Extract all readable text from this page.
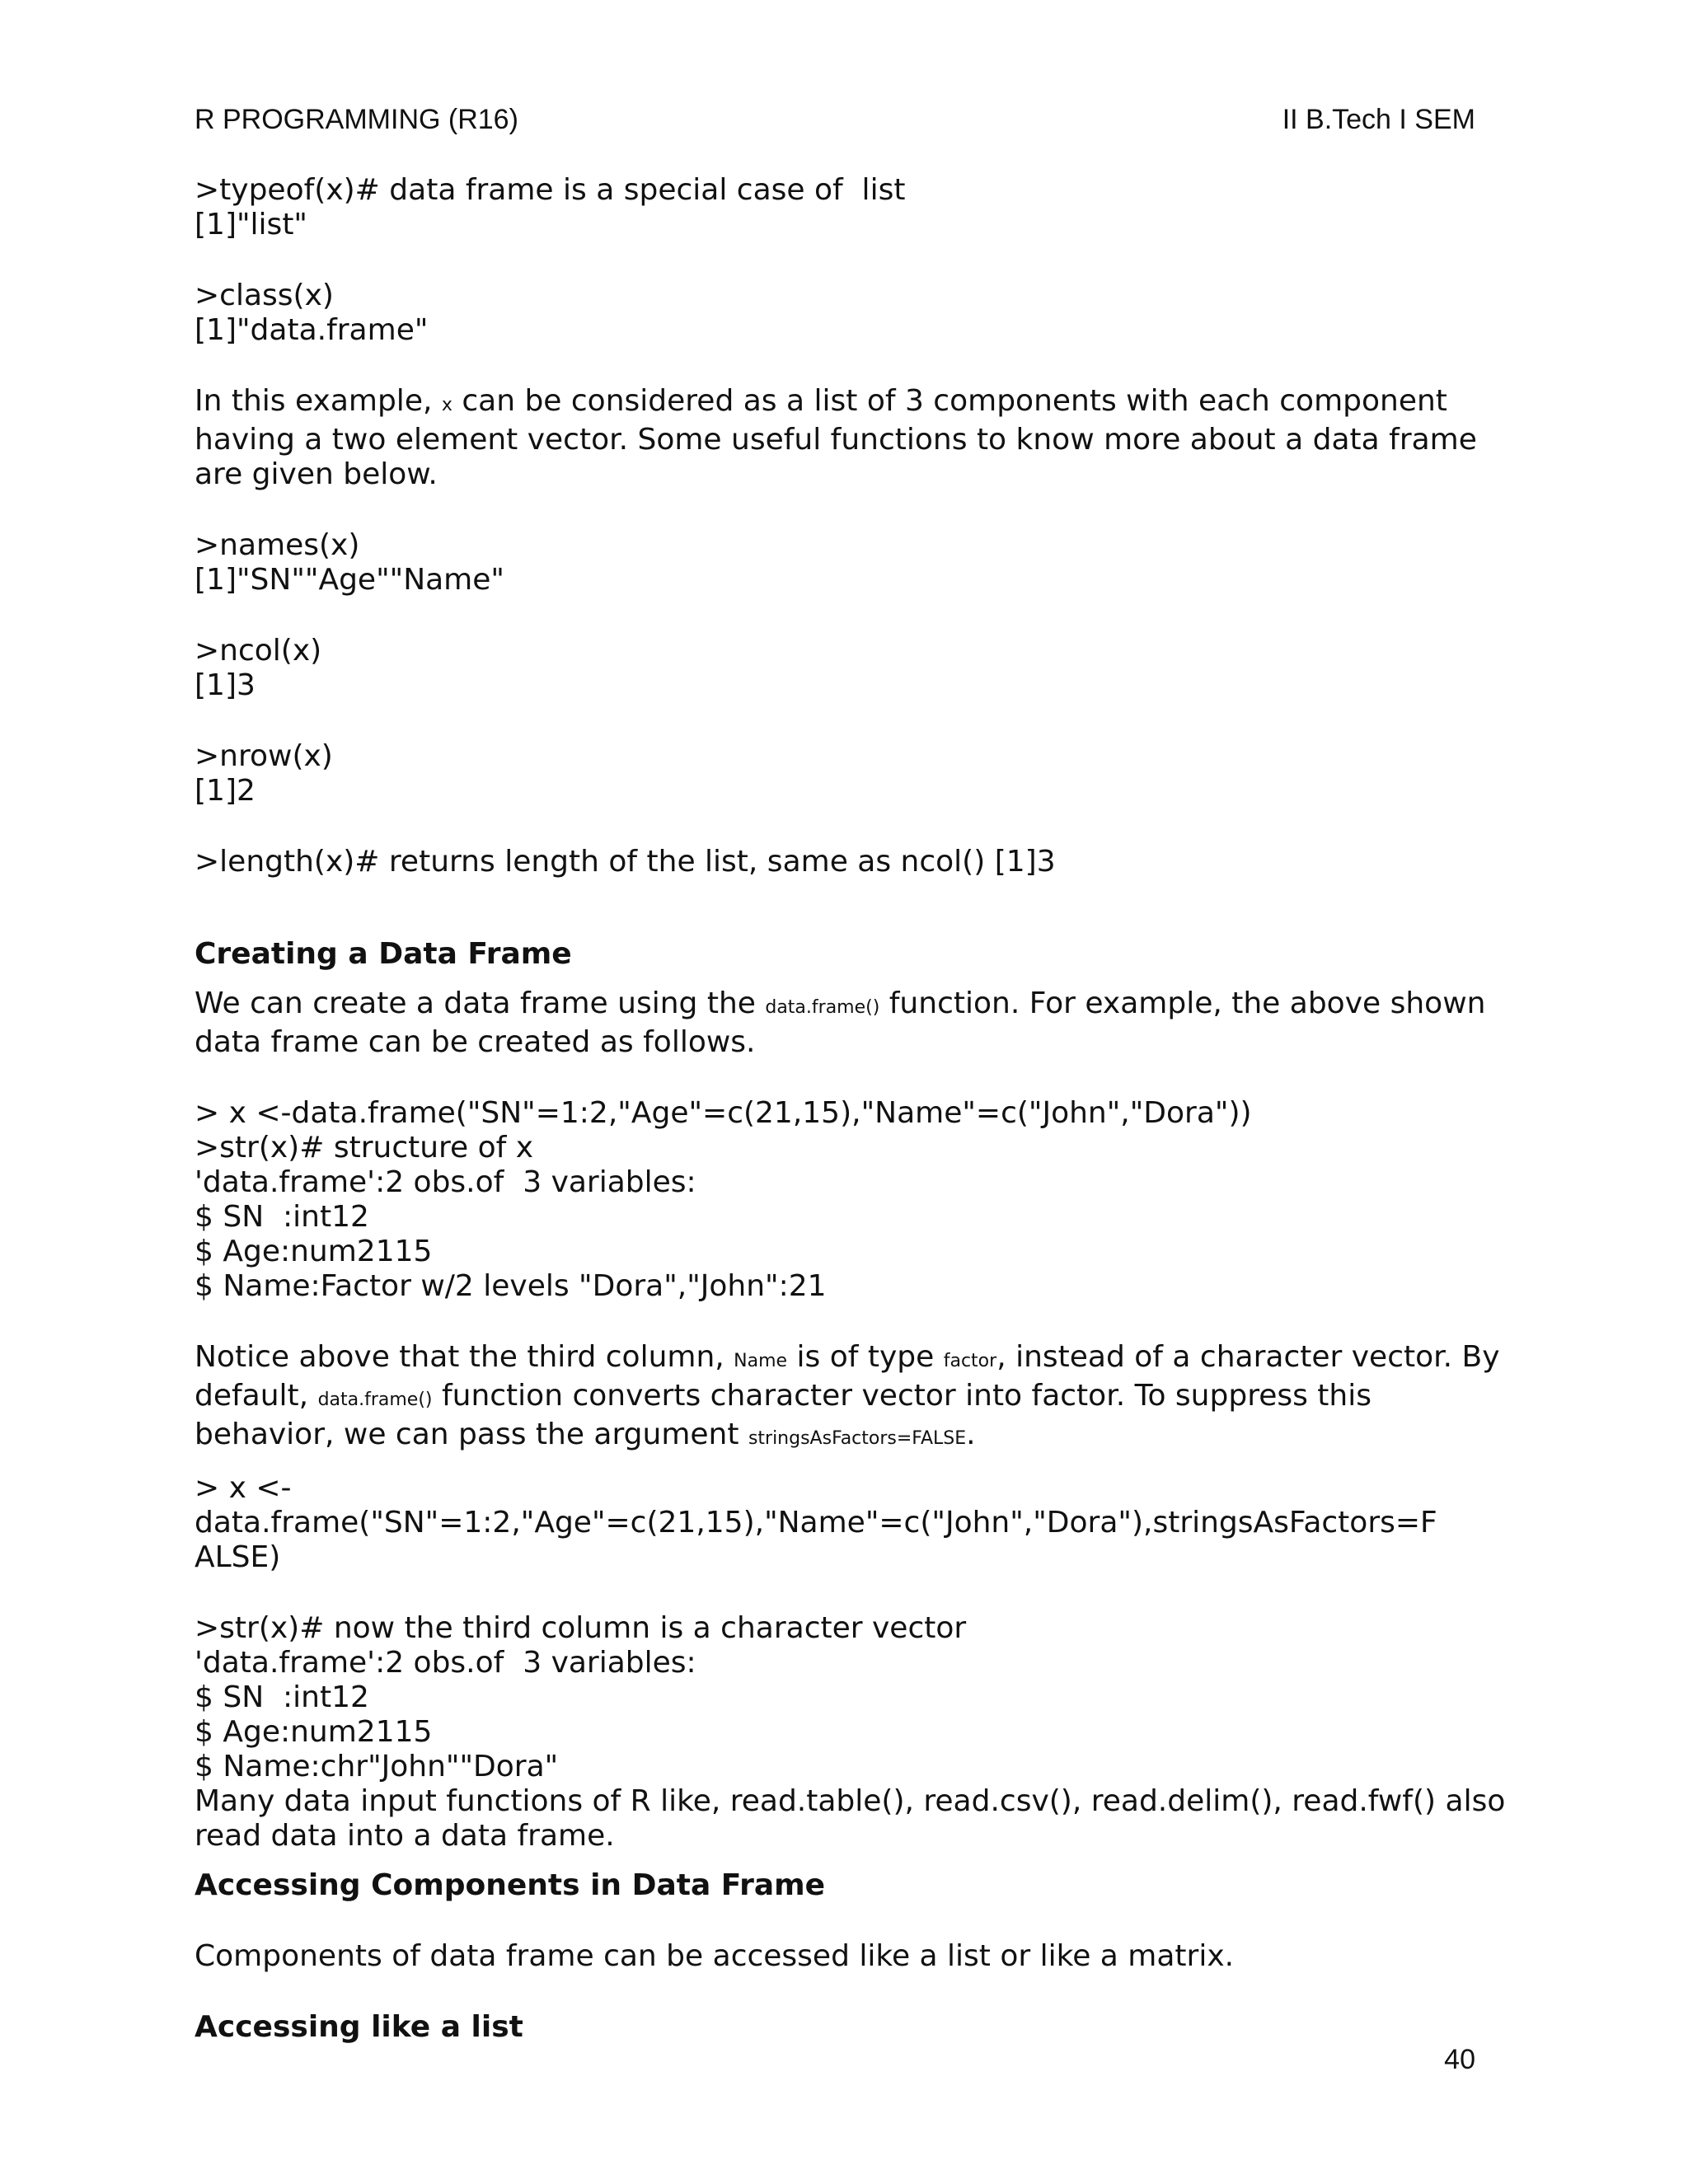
R PROGRAMMING (R16)	II B.Tech I SEM

>typeof(x)# data frame is a special case of  list

[1]"list"

>class(x)

[1]"data.frame"

In this example, x can be considered as a list of 3 components with each component having a two element vector. Some useful functions to know more about a data frame are given below.

>names(x)

[1]"SN""Age""Name"

>ncol(x)

[1]3

>nrow(x)

[1]2

>length(x)# returns length of the list, same as ncol() [1]3

Creating a Data Frame

We can create a data frame using the data.frame() function. For example, the above shown data frame can be created as follows.

> x <-data.frame("SN"=1:2,"Age"=c(21,15),"Name"=c("John","Dora"))

>str(x)# structure of x

'data.frame':2 obs.of  3 variables:

$ SN  :int12

$ Age:num2115

$ Name:Factor w/2 levels "Dora","John":21

Notice above that the third column, Name is of type factor, instead of a character vector. By default, data.frame() function converts character vector into factor. To suppress this behavior, we can pass the argument stringsAsFactors=FALSE.

> x <-

data.frame("SN"=1:2,"Age"=c(21,15),"Name"=c("John","Dora"),stringsAsFactors=F ALSE)

>str(x)# now the third column is a character vector

'data.frame':2 obs.of  3 variables:

$ SN  :int12

$ Age:num2115

$ Name:chr"John""Dora"

Many data input functions of R like, read.table(), read.csv(), read.delim(), read.fwf() also read data into a data frame.

Accessing Components in Data Frame

Components of data frame can be accessed like a list or like a matrix.

Accessing like a list
40
